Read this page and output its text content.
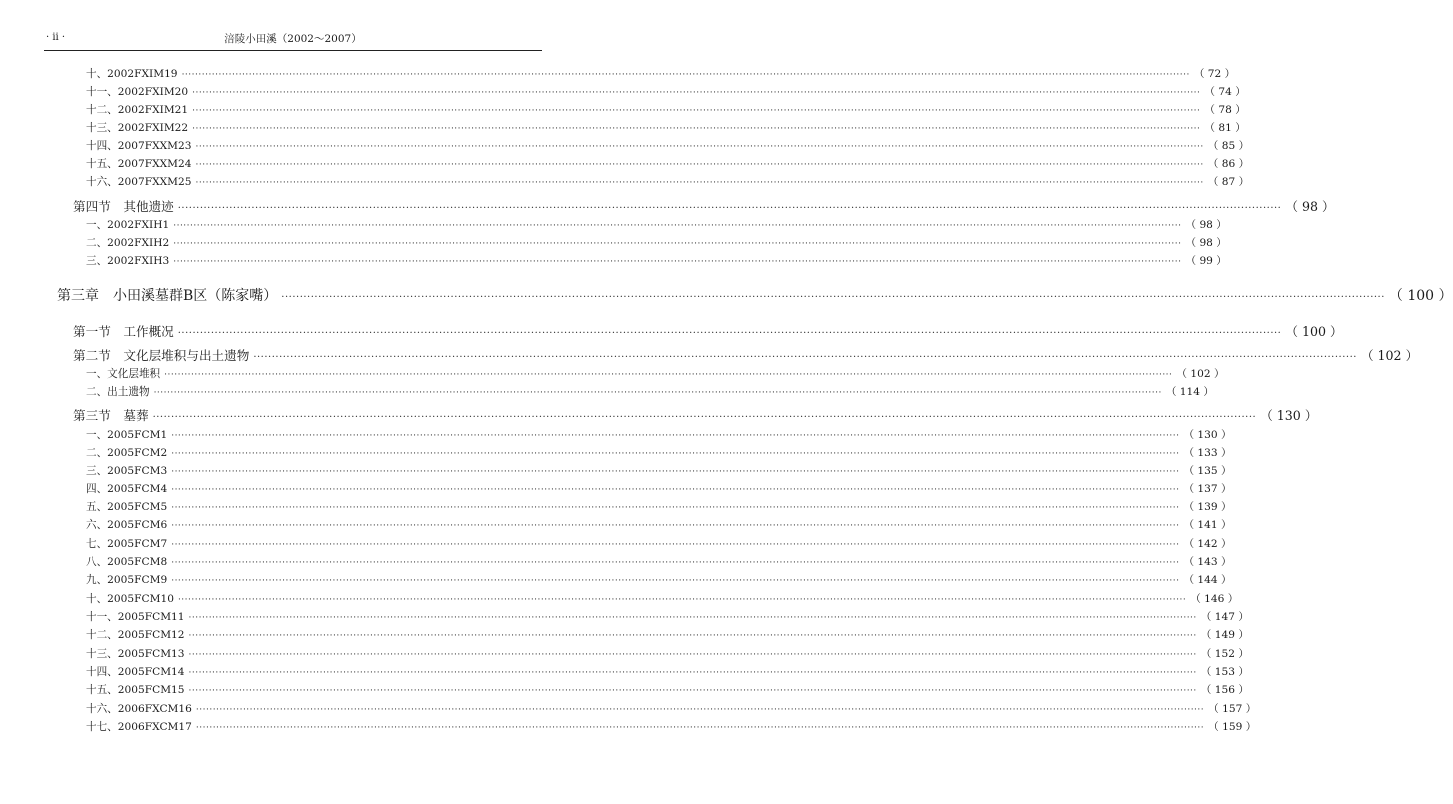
· ii ·	涪陵小田溪（2002～2007）
十、2002FXⅠM19 ············································································································································································································································································································ （ 72 ）
十一、2002FXⅠM20 ············································································································································································································································································································ （ 74 ）
十二、2002FXⅠM21 ············································································································································································································································································································ （ 78 ）
十三、2002FXⅠM22 ············································································································································································································································································································ （ 81 ）
十四、2007FXXM23 ············································································································································································································································································································ （ 85 ）
十五、2007FXXM24 ············································································································································································································································································································ （ 86 ）
十六、2007FXXM25 ············································································································································································································································································································ （ 87 ）
第四节　其他遗迹 ············································································································································································································································································································ （ 98 ）
一、2002FXⅠH1 ············································································································································································································································································································ （ 98 ）
二、2002FXⅠH2 ············································································································································································································································································································ （ 98 ）
三、2002FXⅠH3 ············································································································································································································································································································ （ 99 ）
第三章　小田溪墓群B区（陈家嘴） ············································································································································································································································································································ （ 100 ）
第一节　工作概况 ············································································································································································································································································································ （ 100 ）
第二节　文化层堆积与出土遗物 ············································································································································································································································································································ （ 102 ）
一、文化层堆积 ············································································································································································································································································································ （ 102 ）
二、出土遗物 ············································································································································································································································································································ （ 114 ）
第三节　墓葬 ············································································································································································································································································································ （ 130 ）
一、2005FCM1 ············································································································································································································································································································ （ 130 ）
二、2005FCM2 ············································································································································································································································································································ （ 133 ）
三、2005FCM3 ············································································································································································································································································································ （ 135 ）
四、2005FCM4 ············································································································································································································································································································ （ 137 ）
五、2005FCM5 ············································································································································································································································································································ （ 139 ）
六、2005FCM6 ············································································································································································································································································································ （ 141 ）
七、2005FCM7 ············································································································································································································································································································ （ 142 ）
八、2005FCM8 ············································································································································································································································································································ （ 143 ）
九、2005FCM9 ············································································································································································································································································································ （ 144 ）
十、2005FCM10 ············································································································································································································································································································ （ 146 ）
十一、2005FCM11 ············································································································································································································································································································ （ 147 ）
十二、2005FCM12 ············································································································································································································································································································ （ 149 ）
十三、2005FCM13 ············································································································································································································································································································ （ 152 ）
十四、2005FCM14 ············································································································································································································································································································ （ 153 ）
十五、2005FCM15 ············································································································································································································································································································ （ 156 ）
十六、2006FXCM16 ············································································································································································································································································································ （ 157 ）
十七、2006FXCM17 ············································································································································································································································································································ （ 159 ）
